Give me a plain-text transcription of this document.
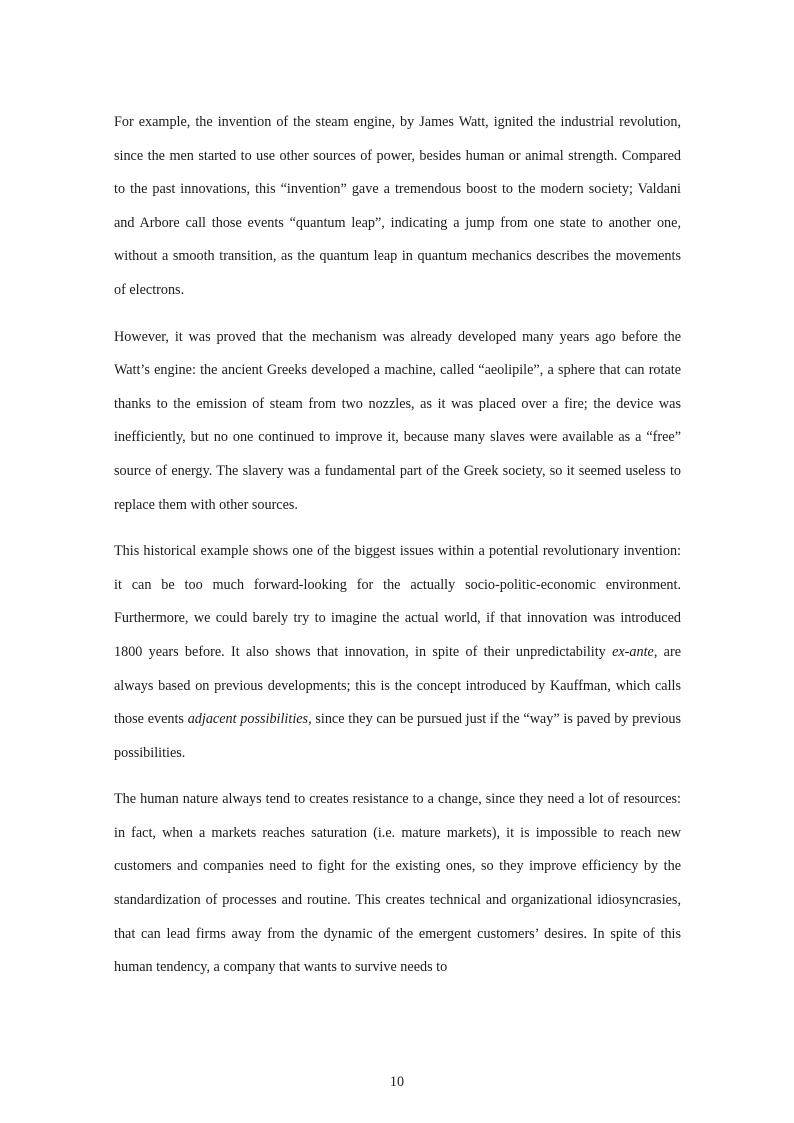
For example, the invention of the steam engine, by James Watt, ignited the industrial revolution, since the men started to use other sources of power, besides human or animal strength. Compared to the past innovations, this “invention” gave a tremendous boost to the modern society; Valdani and Arbore call those events “quantum leap”, indicating a jump from one state to another one, without a smooth transition, as the quantum leap in quantum mechanics describes the movements of electrons.

However, it was proved that the mechanism was already developed many years ago before the Watt’s engine: the ancient Greeks developed a machine, called “aeolipile”, a sphere that can rotate thanks to the emission of steam from two nozzles, as it was placed over a fire; the device was inefficiently, but no one continued to improve it, because many slaves were available as a “free” source of energy. The slavery was a fundamental part of the Greek society, so it seemed useless to replace them with other sources.

This historical example shows one of the biggest issues within a potential revolutionary invention: it can be too much forward-looking for the actually socio-politic-economic environment. Furthermore, we could barely try to imagine the actual world, if that innovation was introduced 1800 years before. It also shows that innovation, in spite of their unpredictability ex-ante, are always based on previous developments; this is the concept introduced by Kauffman, which calls those events adjacent possibilities, since they can be pursued just if the “way” is paved by previous possibilities.

The human nature always tend to creates resistance to a change, since they need a lot of resources: in fact, when a markets reaches saturation (i.e. mature markets), it is impossible to reach new customers and companies need to fight for the existing ones, so they improve efficiency by the standardization of processes and routine. This creates technical and organizational idiosyncrasies, that can lead firms away from the dynamic of the emergent customers’ desires. In spite of this human tendency, a company that wants to survive needs to

10
